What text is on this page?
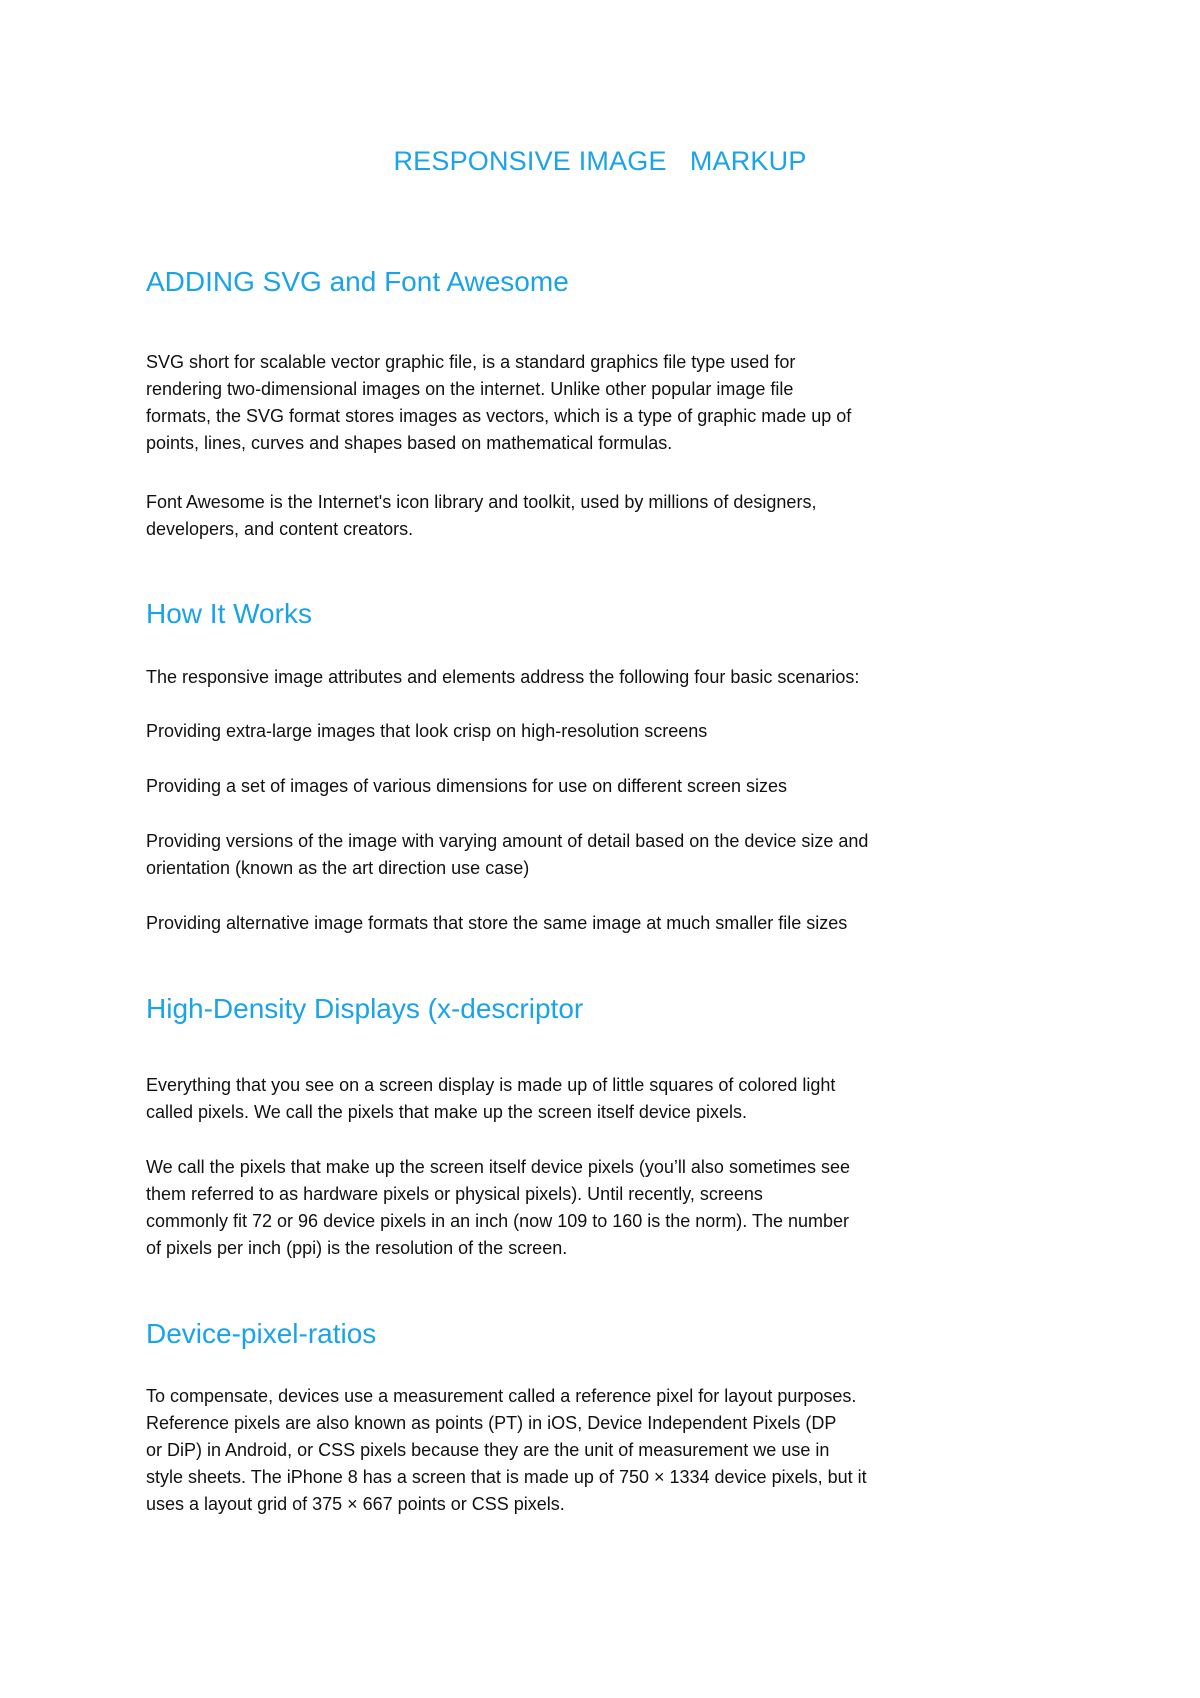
RESPONSIVE IMAGE   MARKUP
ADDING SVG and Font Awesome

SVG short for scalable vector graphic file, is a standard graphics file type used for
rendering two-dimensional images on the internet. Unlike other popular image file
formats, the SVG format stores images as vectors, which is a type of graphic made up of
points, lines, curves and shapes based on mathematical formulas.

Font Awesome is the Internet's icon library and toolkit, used by millions of designers,
developers, and content creators.

How It Works

The responsive image attributes and elements address the following four basic scenarios:

Providing extra-large images that look crisp on high-resolution screens

Providing a set of images of various dimensions for use on different screen sizes

Providing versions of the image with varying amount of detail based on the device size and
orientation (known as the art direction use case)

Providing alternative image formats that store the same image at much smaller file sizes

High-Density Displays (x-descriptor

Everything that you see on a screen display is made up of little squares of colored light
called pixels. We call the pixels that make up the screen itself device pixels.

We call the pixels that make up the screen itself device pixels (you’ll also sometimes see
them referred to as hardware pixels or physical pixels). Until recently, screens
commonly fit 72 or 96 device pixels in an inch (now 109 to 160 is the norm). The number
of pixels per inch (ppi) is the resolution of the screen.

Device-pixel-ratios

To compensate, devices use a measurement called a reference pixel for layout purposes.
Reference pixels are also known as points (PT) in iOS, Device Independent Pixels (DP
or DiP) in Android, or CSS pixels because they are the unit of measurement we use in
style sheets. The iPhone 8 has a screen that is made up of 750 × 1334 device pixels, but it
uses a layout grid of 375 × 667 points or CSS pixels.
